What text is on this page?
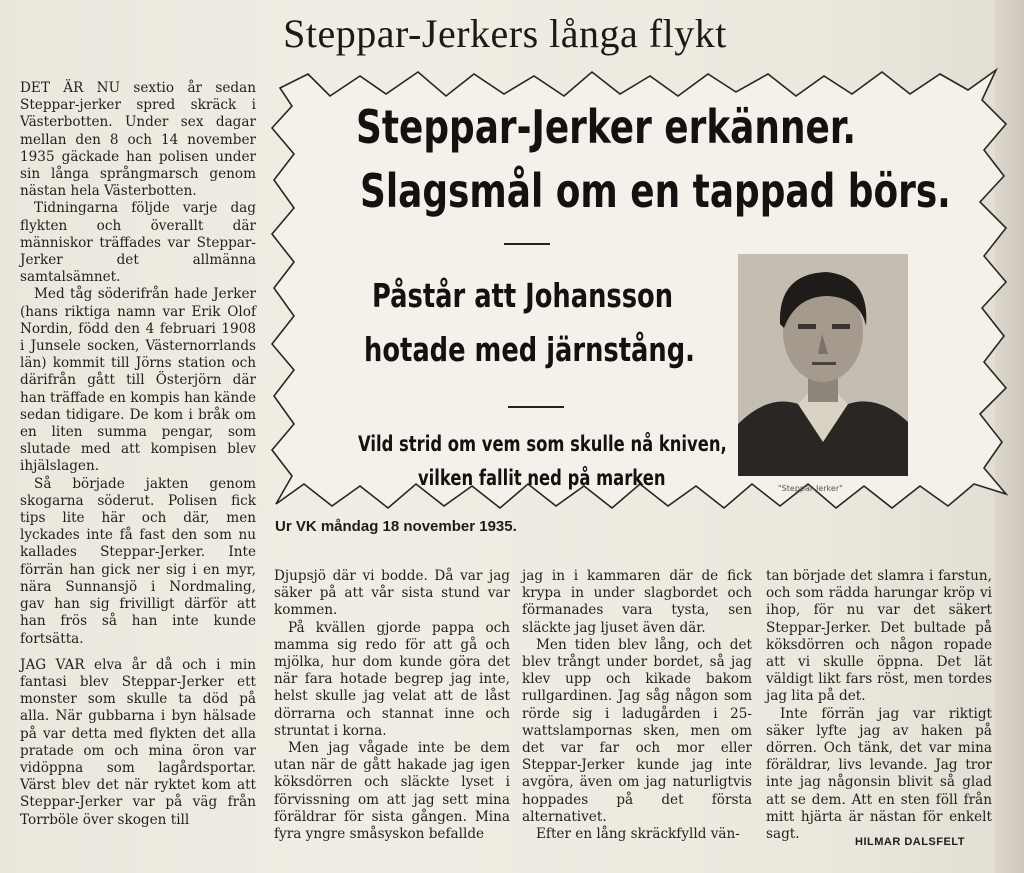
Steppar-Jerkers långa flykt

DET ÄR NU sextio år sedan Steppar-jerker spred skräck i Västerbotten. Under sex dagar mellan den 8 och 14 november 1935 gäckade han polisen under sin långa språngmarsch genom nästan hela Västerbotten.

Tidningarna följde varje dag flykten och överallt där människor träffades var Steppar-Jerker det allmänna samtalsämnet.

Med tåg söderifrån hade Jerker (hans riktiga namn var Erik Olof Nordin, född den 4 februari 1908 i Junsele socken, Västernorrlands län) kommit till Jörns station och därifrån gått till Österjörn där han träffade en kompis han kände sedan tidigare. De kom i bråk om en liten summa pengar, som slutade med att kompisen blev ihjälslagen.

Så började jakten genom skogarna söderut. Polisen fick tips lite här och där, men lyckades inte få fast den som nu kallades Steppar-Jerker. Inte förrän han gick ner sig i en myr, nära Sunnansjö i Nordmaling, gav han sig frivilligt därför att han frös så han inte kunde fortsätta.

JAG VAR elva år då och i min fantasi blev Steppar-Jerker ett monster som skulle ta död på alla. När gubbarna i byn hälsade på var detta med flykten det alla pratade om och mina öron var vidöppna som lagårdsportar. Värst blev det när ryktet kom att Steppar-Jerker var på väg från Torrböle över skogen till

Steppar-Jerker erkänner.
Slagsmål om en tappad börs.
Påstår att Johansson
hotade med järnstång.
Vild strid om vem som skulle nå kniven,
vilken fallit ned på marken	"Steppar-Jerker"
Ur VK måndag 18 november 1935.

Djupsjö där vi bodde. Då var jag säker på att vår sista stund var kommen.

På kvällen gjorde pappa och mamma sig redo för att gå och mjölka, hur dom kunde göra det när fara hotade begrep jag inte, helst skulle jag velat att de låst dörrarna och stannat inne och struntat i korna.

Men jag vågade inte be dem utan när de gått hakade jag igen köksdörren och släckte lyset i förvissning om att jag sett mina föräldrar för sista gången. Mina fyra yngre småsyskon befallde

jag in i kammaren där de fick krypa in under slagbordet och förmanades vara tysta, sen släckte jag ljuset även där.

Men tiden blev lång, och det blev trångt under bordet, så jag klev upp och kikade bakom rullgardinen. Jag såg någon som rörde sig i ladugården i 25-wattslampornas sken, men om det var far och mor eller Steppar-Jerker kunde jag inte avgöra, även om jag naturligtvis hoppades på det första alternativet.

Efter en lång skräckfylld vän-

tan började det slamra i farstun, och som rädda harungar kröp vi ihop, för nu var det säkert Steppar-Jerker. Det bultade på köksdörren och någon ropade att vi skulle öppna. Det lät väldigt likt fars röst, men tordes jag lita på det.

Inte förrän jag var riktigt säker lyfte jag av haken på dörren. Och tänk, det var mina föräldrar, livs levande. Jag tror inte jag någonsin blivit så glad att se dem. Att en sten föll från mitt hjärta är nästan för enkelt sagt.	HILMAR DALSFELT
